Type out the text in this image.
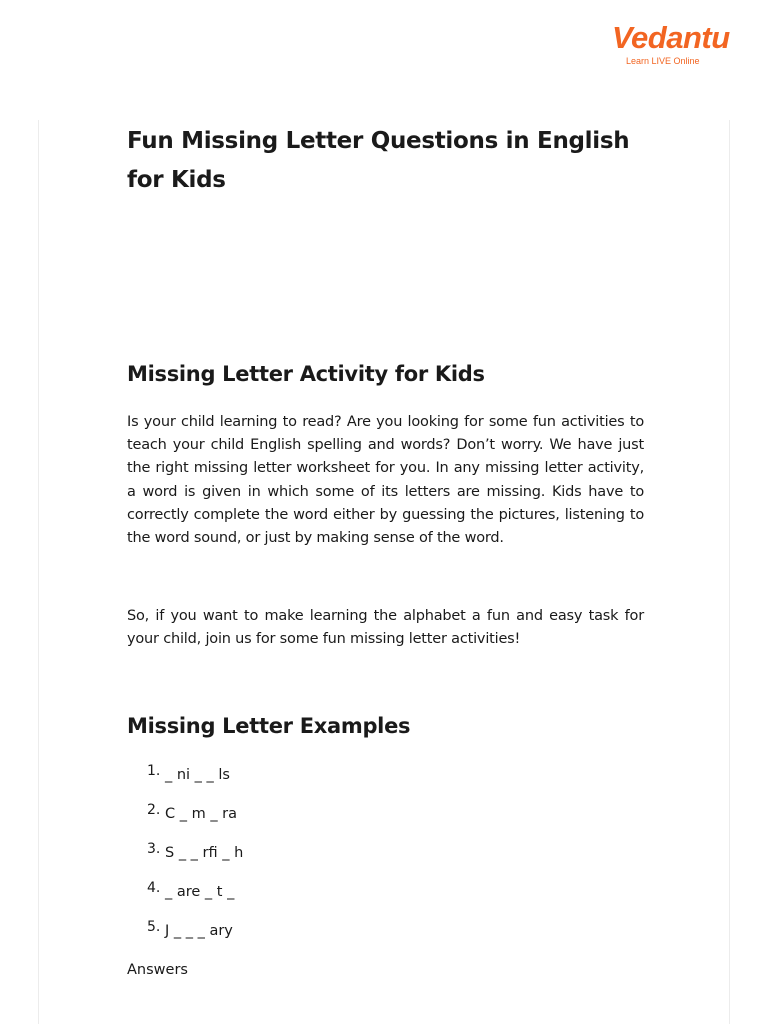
Vedantu
Learn LIVE Online
Fun Missing Letter Questions in English for Kids
Missing Letter Activity for Kids

Is your child learning to read? Are you looking for some fun activities to teach your child English spelling and words? Don’t worry. We have just the right missing letter worksheet for you. In any missing letter activity, a word is given in which some of its letters are missing. Kids have to correctly complete the word either by guessing the pictures, listening to the word sound, or just by making sense of the word.

So, if you want to make learning the alphabet a fun and easy task for your child, join us for some fun missing letter activities!

Missing Letter Examples
1. _ ni _ _ ls
2. C _ m _ ra
3. S _ _ rfi _ h
4. _ are _ t _
5. J _ _ _ ary

Answers
